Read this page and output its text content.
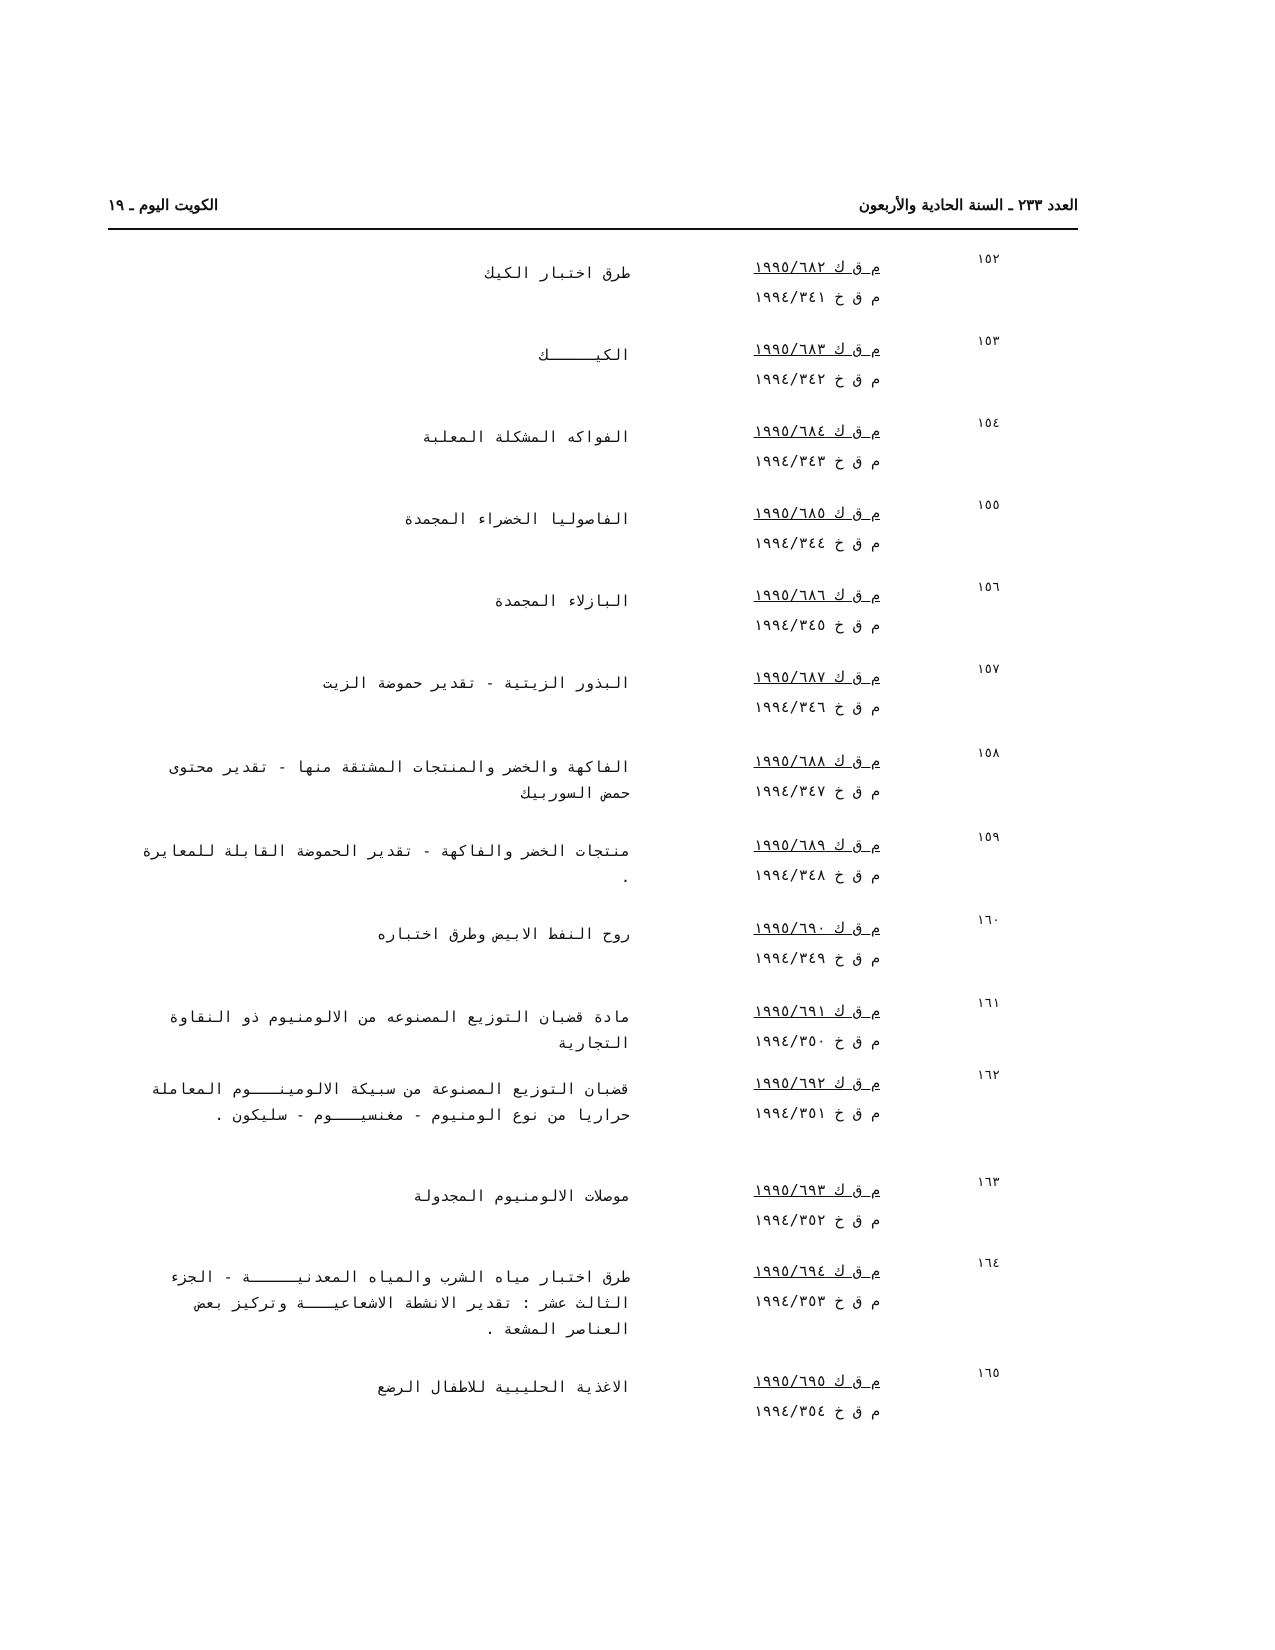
العدد ٢٣٣ ـ السنة الحادية والأربعون
الكويت اليوم ـ ١٩
١٥٢
م ق ك ١٩٩٥/٦٨٢
م ق خ ١٩٩٤/٣٤١
طرق اختبار الكيك
١٥٣
م ق ك ١٩٩٥/٦٨٣
م ق خ ١٩٩٤/٣٤٢
الكيـــــك
١٥٤
م ق ك ١٩٩٥/٦٨٤
م ق خ ١٩٩٤/٣٤٣
الفواكه المشكلة المعلبة
١٥٥
م ق ك ١٩٩٥/٦٨٥
م ق خ ١٩٩٤/٣٤٤
الفاصوليا الخضراء المجمدة
١٥٦
م ق ك ١٩٩٥/٦٨٦
م ق خ ١٩٩٤/٣٤٥
البازلاء المجمدة
١٥٧
م ق ك ١٩٩٥/٦٨٧
م ق خ ١٩٩٤/٣٤٦
البذور الزيتية - تقدير حموضة الزيت
١٥٨
م ق ك ١٩٩٥/٦٨٨
م ق خ ١٩٩٤/٣٤٧
الفاكهة والخضر والمنتجات المشتقة منها - تقدير محتوى حمض السوربيك
١٥٩
م ق ك ١٩٩٥/٦٨٩
م ق خ ١٩٩٤/٣٤٨
منتجات الخضر والفاكهة - تقدير الحموضة القابلة للمعايرة .
١٦٠
م ق ك ١٩٩٥/٦٩٠
م ق خ ١٩٩٤/٣٤٩
روح النفط الابيض وطرق اختباره
١٦١
م ق ك ١٩٩٥/٦٩١
م ق خ ١٩٩٤/٣٥٠
مادة قضبان التوزيع المصنوعه من الالومنيوم ذو النقاوة التجارية
١٦٢
م ق ك ١٩٩٥/٦٩٢
م ق خ ١٩٩٤/٣٥١
قضبان التوزيع المصنوعة من سبيكة الالومينـــوم المعاملة حراريا من نوع الومنيوم - مغنسيـــوم - سليكون .
١٦٣
م ق ك ١٩٩٥/٦٩٣
م ق خ ١٩٩٤/٣٥٢
موصلات الالومنيوم المجدولة
١٦٤
م ق ك ١٩٩٥/٦٩٤
م ق خ ١٩٩٤/٣٥٣
طرق اختبار مياه الشرب والمياه المعدنيـــــة - الجزء الثالث عشر : تقدير الانشطة الاشعاعيـــة وتركيز بعض العناصر المشعة .
١٦٥
م ق ك ١٩٩٥/٦٩٥
م ق خ ١٩٩٤/٣٥٤
الاغذية الحليبية للاطفال الرضع
